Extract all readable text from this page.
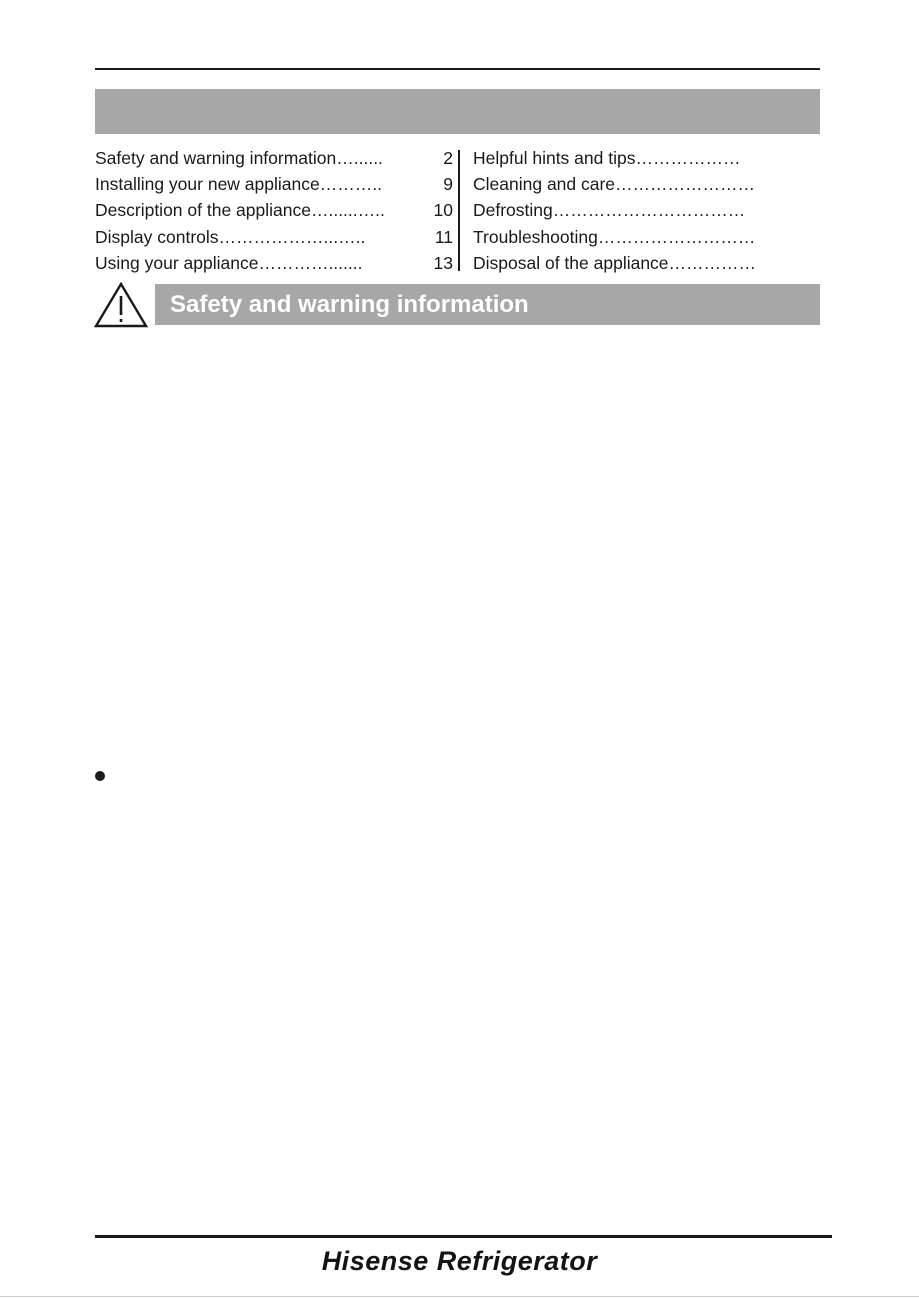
Safety and warning information …......	2
Installing your new appliance ………..	9
Description of the appliance …......…..	10
Display controls ………………...…..	11
Using your appliance ………….......	13
Helpful hints and tips ………………
Cleaning and care ……………………
Defrosting ……………………………
Troubleshooting ………………………
Disposal of the appliance ……………
Safety and warning information
Hisense Refrigerator
